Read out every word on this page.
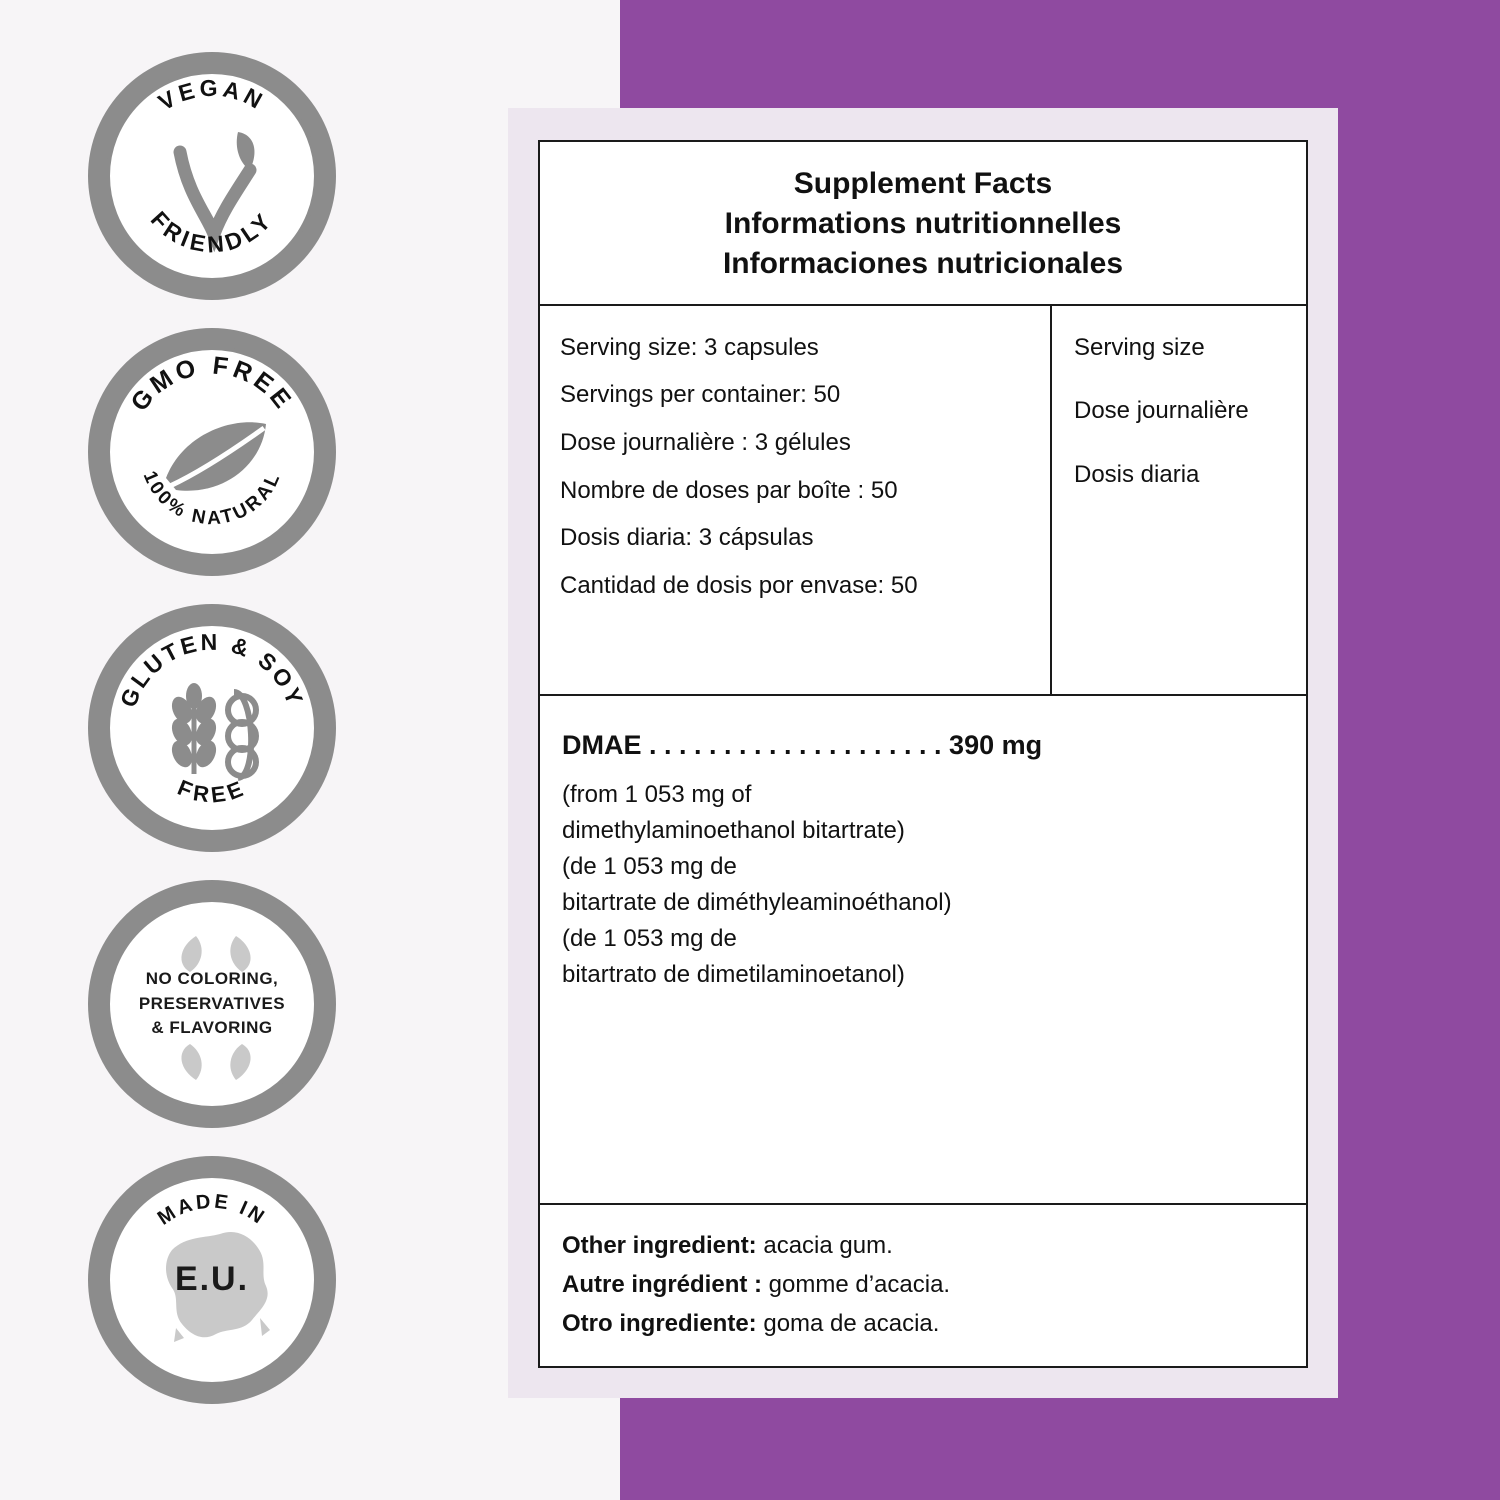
VEGAN
FRIENDLY
GMO FREE
100% NATURAL
GLUTEN & SOY
FREE
NO COLORING,
PRESERVATIVES
& FLAVORING
E.U.
MADE IN
Supplement Facts
Informations nutritionnelles
Informaciones nutricionales
Serving size: 3 capsules
Servings per container: 50
Dose journalière : 3 gélules
Nombre de doses par boîte : 50
Dosis diaria: 3 cápsulas
Cantidad de dosis por envase: 50
Serving size
Dose journalière
Dosis diaria
DMAE . . . . . . . . . . . . . . . . . . . . 390 mg
(from 1 053 mg of
dimethylaminoethanol bitartrate)
(de 1 053 mg de
bitartrate de diméthyleaminoéthanol)
(de 1 053 mg de
bitartrato de dimetilaminoetanol)
Other ingredient: acacia gum.
Autre ingrédient : gomme d’acacia.
Otro ingrediente: goma de acacia.
